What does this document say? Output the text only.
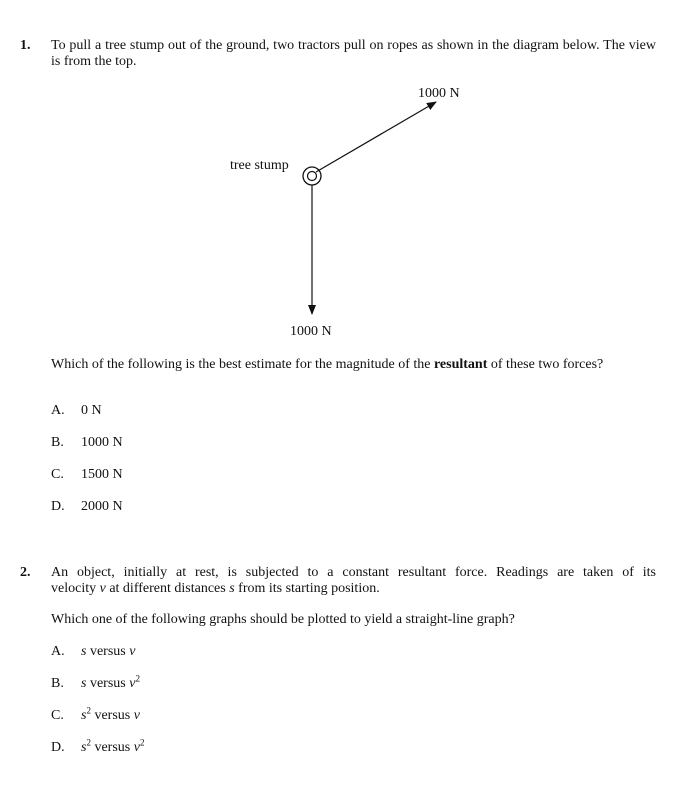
1. To pull a tree stump out of the ground, two tractors pull on ropes as shown in the diagram below. The view is from the top.
tree stump
1000 N
1000 N
Which of the following is the best estimate for the magnitude of the resultant of these two forces?
A. 0 N
B. 1000 N
C. 1500 N
D. 2000 N
2. An object, initially at rest, is subjected to a constant resultant force. Readings are taken of its
velocity v at different distances s from its starting position.
Which one of the following graphs should be plotted to yield a straight-line graph?
A. s versus v
B. s versus $v^2$
C. $s^2$ versus v
D. $s^2$ versus $v^2$
